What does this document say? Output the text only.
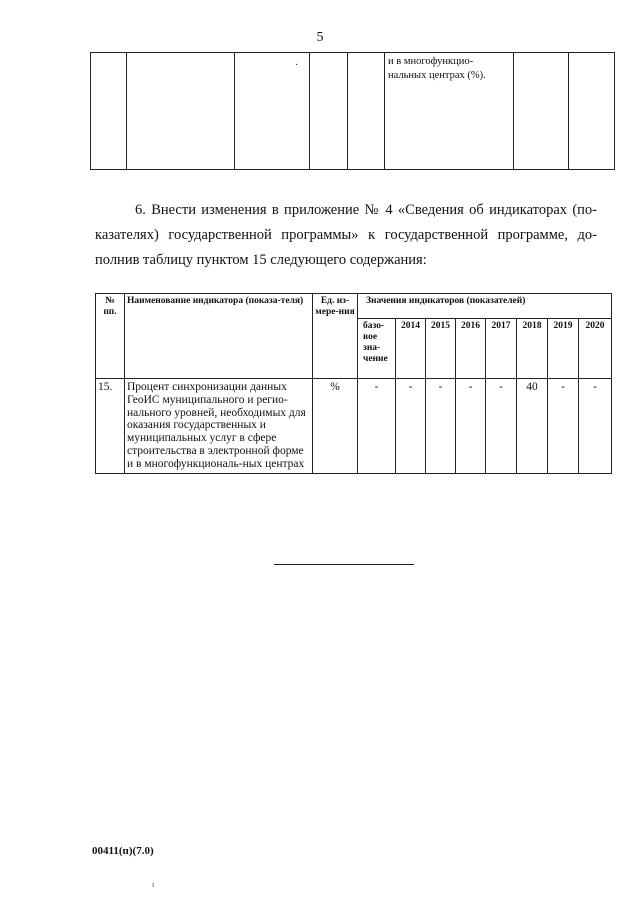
5
·	и в многофункцио-
нальных центрах (%).
6. Внести изменения в приложение № 4 «Сведения об индикаторах (по-
казателях) государственной программы» к государственной программе, до-
полнив таблицу пунктом 15 следующего содержания:
№ пп.	Наименование индикатора (показа-теля)	Ед. из-мере-ния	Значения индикаторов (показателей)							
			базо-вое зна-чение	2014	2015	2016	2017	2018	2019	2020
15.	Процент синхронизации данных ГеоИС муниципального и регио-нального уровней, необходимых для оказания государственных и муниципальных услуг в сфере строительства в электронной форме и в многофункциональ-ных центрах	%	-	-	-	-	-	40	-	-
00411(п)(7.0)
ı
